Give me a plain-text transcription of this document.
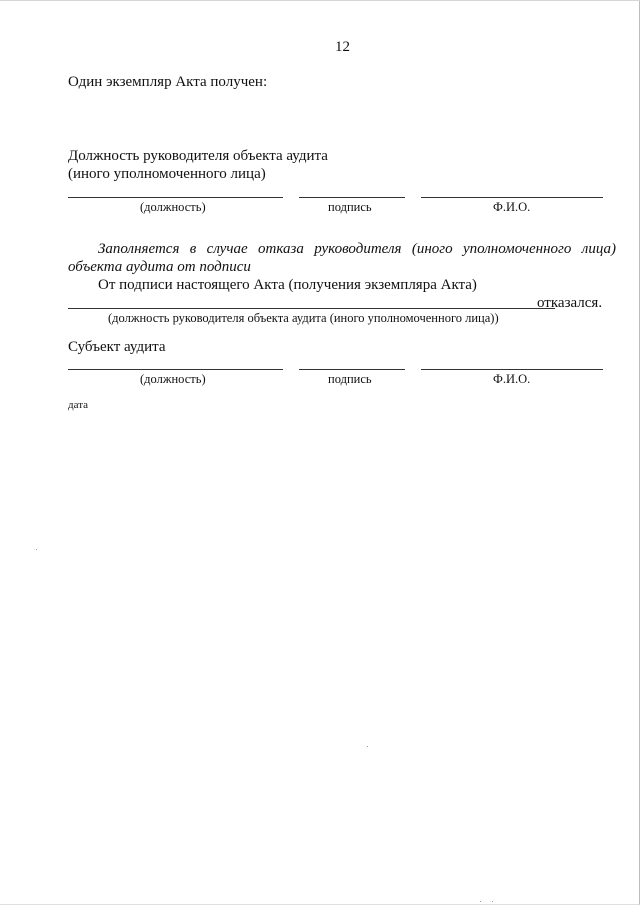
12
Один экземпляр Акта получен:
Должность руководителя объекта аудита
(иного уполномоченного лица)
(должность)	подпись	Ф.И.О.
Заполняется в случае отказа руководителя (иного уполномоченного лица)
объекта аудита от подписи
От подписи настоящего Акта (получения экземпляра Акта)
отказался.
(должность руководителя объекта аудита (иного уполномоченного лица))
Субъект аудита
(должность)	подпись	Ф.И.О.
дата
